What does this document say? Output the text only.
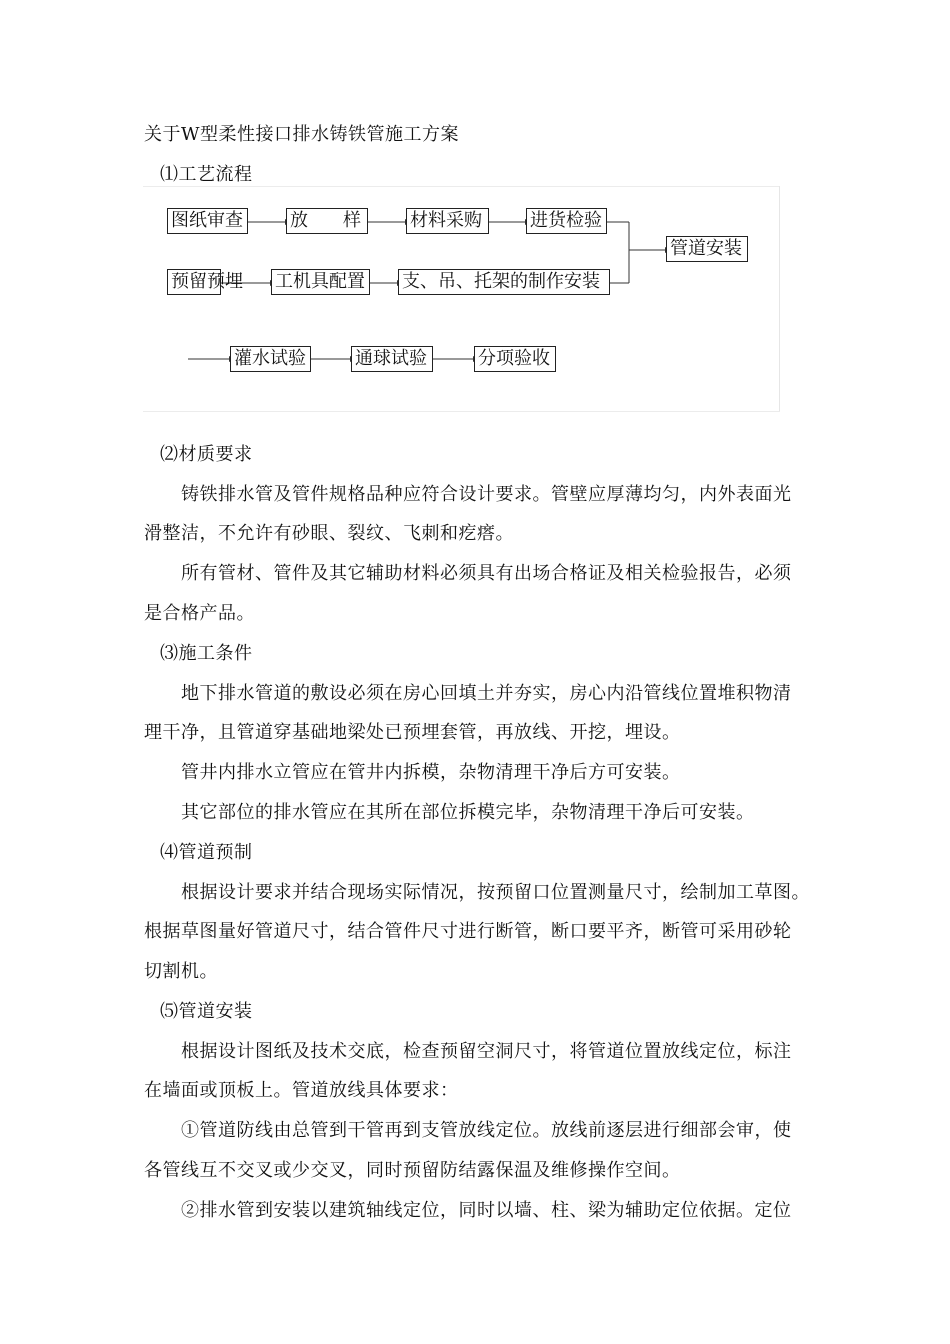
关于W型柔性接口排水铸铁管施工方案
⑴工艺流程
图纸审查	放 样	材料采购	进货检验
预留预埋 工机具配置 支、吊、托架的制作安装
管道安装
灌水试验	通球试验	分项验收
⑵材质要求
铸铁排水管及管件规格品种应符合设计要求。管壁应厚薄均匀，内外表面光
滑整洁，不允许有砂眼、裂纹、飞刺和疙瘩。
所有管材、管件及其它辅助材料必须具有出场合格证及相关检验报告，必须
是合格产品。
⑶施工条件
地下排水管道的敷设必须在房心回填土并夯实，房心内沿管线位置堆积物清
理干净，且管道穿基础地梁处已预埋套管，再放线、开挖，埋设。
管井内排水立管应在管井内拆模，杂物清理干净后方可安装。
其它部位的排水管应在其所在部位拆模完毕，杂物清理干净后可安装。
⑷管道预制
根据设计要求并结合现场实际情况，按预留口位置测量尺寸，绘制加工草图。
根据草图量好管道尺寸，结合管件尺寸进行断管，断口要平齐，断管可采用砂轮
切割机。
⑸管道安装
根据设计图纸及技术交底，检查预留空洞尺寸，将管道位置放线定位，标注
在墙面或顶板上。管道放线具体要求：
①管道防线由总管到干管再到支管放线定位。放线前逐层进行细部会审，使
各管线互不交叉或少交叉，同时预留防结露保温及维修操作空间。
②排水管到安装以建筑轴线定位，同时以墙、柱、梁为辅助定位依据。定位
